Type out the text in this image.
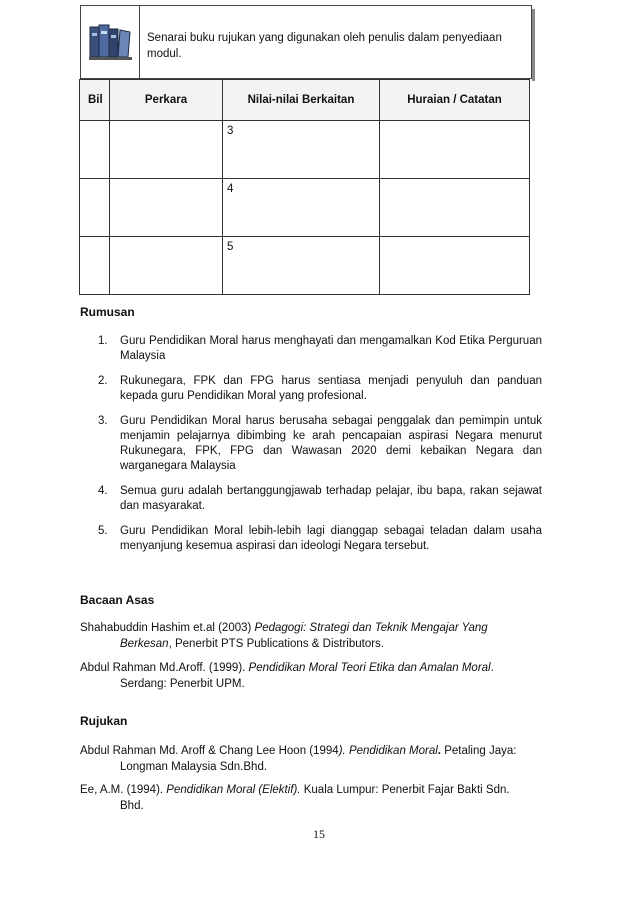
Senarai buku rujukan yang digunakan oleh penulis dalam penyediaan modul.
Bil	Perkara	Nilai-nilai Berkaitan	Huraian / Catatan
		3	
		4	
		5	
Rumusan
1. Guru Pendidikan Moral harus menghayati dan mengamalkan Kod Etika Perguruan Malaysia
2. Rukunegara, FPK dan FPG harus sentiasa menjadi penyuluh dan panduan kepada guru Pendidikan Moral yang profesional.
3. Guru Pendidikan Moral harus berusaha sebagai penggalak dan pemimpin untuk menjamin pelajarnya dibimbing ke arah pencapaian aspirasi Negara menurut Rukunegara, FPK, FPG dan Wawasan 2020 demi kebaikan Negara dan warganegara Malaysia
4. Semua guru adalah bertanggungjawab terhadap pelajar, ibu bapa, rakan sejawat dan masyarakat.
5. Guru Pendidikan Moral lebih-lebih lagi dianggap sebagai teladan dalam usaha menyanjung kesemua aspirasi dan ideologi Negara tersebut.
Bacaan Asas
Shahabuddin Hashim et.al (2003) Pedagogi: Strategi dan Teknik Mengajar Yang
Berkesan, Penerbit PTS Publications & Distributors.
Abdul Rahman Md.Aroff. (1999). Pendidikan Moral Teori Etika dan Amalan Moral.
Serdang: Penerbit UPM.
Rujukan
Abdul Rahman Md. Aroff & Chang Lee Hoon (1994). Pendidikan Moral. Petaling Jaya:
Longman Malaysia Sdn.Bhd.
Ee, A.M. (1994). Pendidikan Moral (Elektif). Kuala Lumpur: Penerbit Fajar Bakti Sdn.
Bhd.
15
